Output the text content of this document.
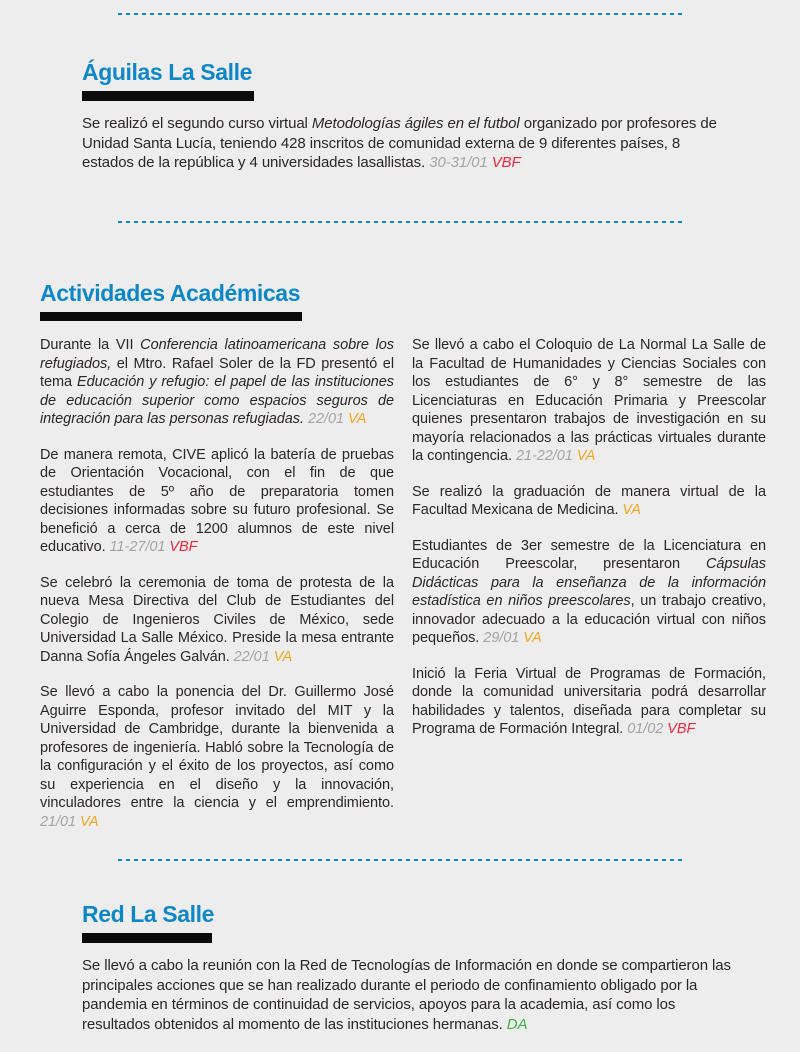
Águilas La Salle

Se realizó el segundo curso virtual Metodologías ágiles en el futbol organizado por profesores de Unidad Santa Lucía, teniendo 428 inscritos de comunidad externa de 9 diferentes países, 8 estados de la república y 4 universidades lasallistas. 30-31/01 VBF

Actividades Académicas

Durante la VII Conferencia latinoamericana sobre los refugiados, el Mtro. Rafael Soler de la FD presentó el tema Educación y refugio: el papel de las instituciones de educación superior como espacios seguros de integración para las personas refugiadas. 22/01 VA

De manera remota, CIVE aplicó la batería de pruebas de Orientación Vocacional, con el fin de que estudiantes de 5º año de preparatoria tomen decisiones informadas sobre su futuro profesional. Se benefició a cerca de 1200 alumnos de este nivel educativo. 11-27/01 VBF

Se celebró la ceremonia de toma de protesta de la nueva Mesa Directiva del Club de Estudiantes del Colegio de Ingenieros Civiles de México, sede Universidad La Salle México. Preside la mesa entrante Danna Sofía Ángeles Galván. 22/01 VA

Se llevó a cabo la ponencia del Dr. Guillermo José Aguirre Esponda, profesor invitado del MIT y la Universidad de Cambridge, durante la bienvenida a profesores de ingeniería. Habló sobre la Tecnología de la configuración y el éxito de los proyectos, así como su experiencia en el diseño y la innovación, vinculadores entre la ciencia y el emprendimiento. 21/01 VA

Se llevó a cabo el Coloquio de La Normal La Salle de la Facultad de Humanidades y Ciencias Sociales con los estudiantes de 6° y 8° semestre de las Licenciaturas en Educación Primaria y Preescolar quienes presentaron trabajos de investigación en su mayoría relacionados a las prácticas virtuales durante la contingencia. 21-22/01 VA

Se realizó la graduación de manera virtual de la Facultad Mexicana de Medicina. VA

Estudiantes de 3er semestre de la Licenciatura en Educación Preescolar, presentaron Cápsulas Didácticas para la enseñanza de la información estadística en niños preescolares, un trabajo creativo, innovador adecuado a la educación virtual con niños pequeños. 29/01 VA

Inició la Feria Virtual de Programas de Formación, donde la comunidad universitaria podrá desarrollar habilidades y talentos, diseñada para completar su Programa de Formación Integral. 01/02 VBF

Red La Salle

Se llevó a cabo la reunión con la Red de Tecnologías de Información en donde se compartieron las principales acciones que se han realizado durante el periodo de confinamiento obligado por la pandemia en términos de continuidad de servicios, apoyos para la academia, así como los resultados obtenidos al momento de las instituciones hermanas. DA
